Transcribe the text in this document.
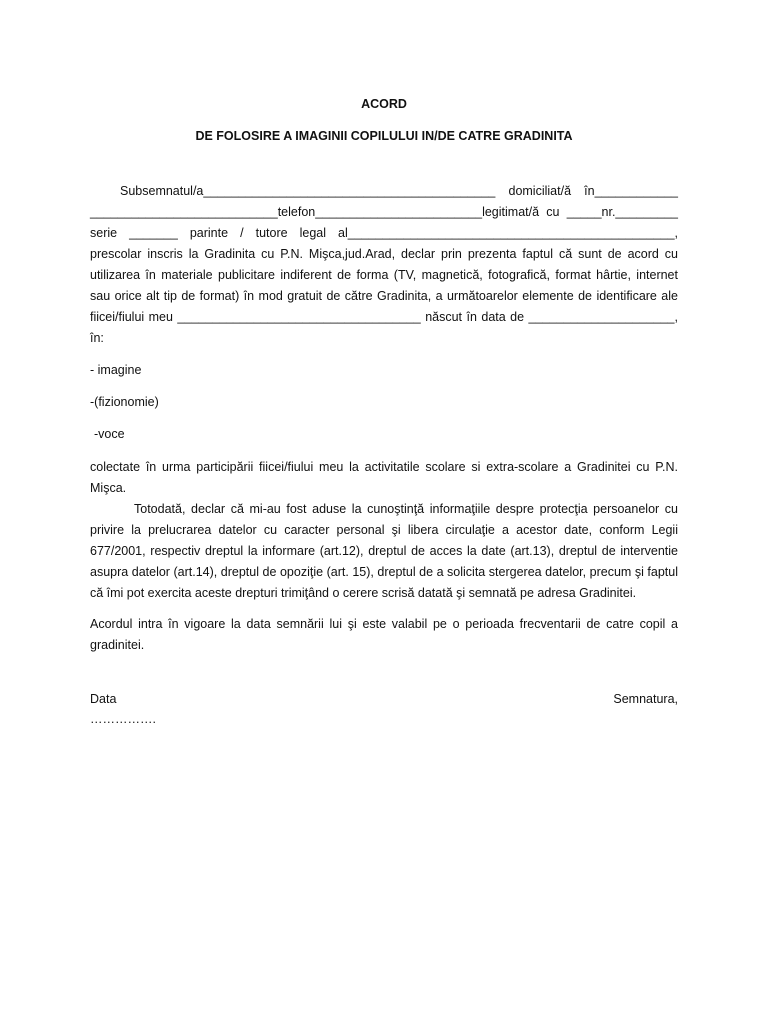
ACORD

DE FOLOSIRE A IMAGINII COPILULUI IN/DE CATRE GRADINITA

Subsemnatul/a__________________________________________ domiciliat/ă în____________ ___________________________telefon________________________legitimat/ă cu _____nr._________ serie _______ parinte / tutore legal al_______________________________________________, prescolar inscris la Gradinita cu P.N. Mişca,jud.Arad, declar prin prezenta faptul că sunt de acord cu utilizarea în materiale publicitare indiferent de forma (TV, magnetică, fotografică, format hârtie, internet sau orice alt tip de format) în mod gratuit de către Gradinita, a următoarelor elemente de identificare ale fiicei/fiului meu ___________________________________ născut în data de _____________________, în:

- imagine

-(fizionomie)

-voce

colectate în urma participării fiicei/fiului meu la activitatile scolare si extra-scolare a Gradinitei cu P.N. Mişca.

Totodată, declar că mi-au fost aduse la cunoştinţă informaţiile despre protecţia persoanelor cu privire la prelucrarea datelor cu caracter personal şi libera circulaţie a acestor date, conform Legii 677/2001, respectiv dreptul la informare (art.12), dreptul de acces la date (art.13), dreptul de interventie asupra datelor (art.14), dreptul de opoziţie (art. 15), dreptul de a solicita stergerea datelor, precum şi faptul că îmi pot exercita aceste drepturi trimiţând o cerere scrisă datată şi semnată pe adresa Gradinitei.

Acordul intra în vigoare la data semnării lui şi este valabil pe o perioada frecventarii de catre copil a gradinitei.

Data	Semnatura,

…………….
